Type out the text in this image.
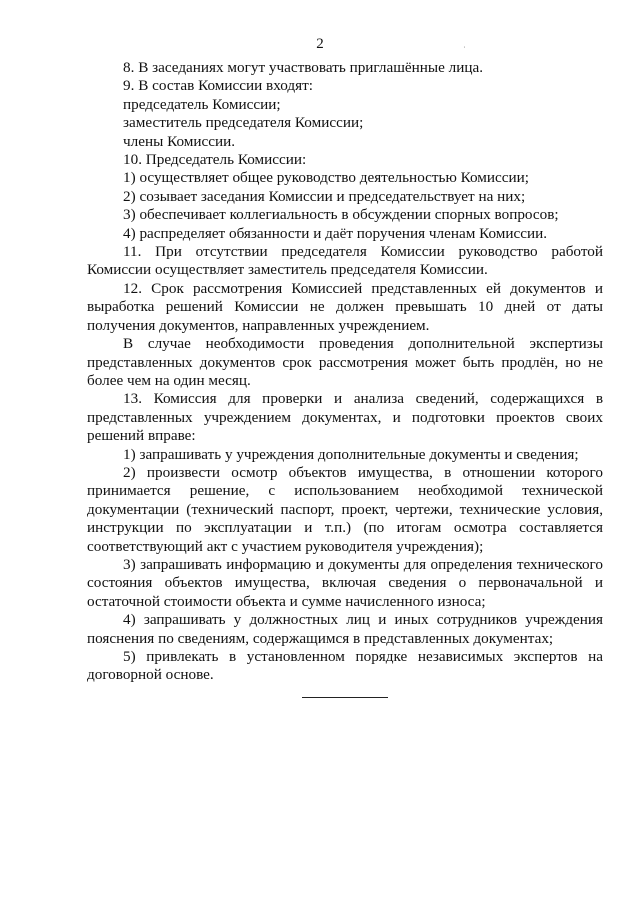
2	˙

8. В заседаниях могут участвовать приглашённые лица.

9. В состав Комиссии входят:

председатель Комиссии;

заместитель председателя Комиссии;

члены Комиссии.

10. Председатель Комиссии:

1) осуществляет общее руководство деятельностью Комиссии;

2) созывает заседания Комиссии и председательствует на них;

3) обеспечивает коллегиальность в обсуждении спорных вопросов;

4) распределяет обязанности и даёт поручения членам Комиссии.

11. При отсутствии председателя Комиссии руководство работой Комиссии осуществляет заместитель председателя Комиссии.

12. Срок рассмотрения Комиссией представленных ей документов и выработка решений Комиссии не должен превышать 10 дней от даты получения документов, направленных учреждением.

В случае необходимости проведения дополнительной экспертизы представленных документов срок рассмотрения может быть продлён, но не более чем на один месяц.

13. Комиссия для проверки и анализа сведений, содержащихся в представленных учреждением документах, и подготовки проектов своих решений вправе:

1) запрашивать у учреждения дополнительные документы и сведения;

2) произвести осмотр объектов имущества, в отношении которого принимается решение, с использованием необходимой технической документации (технический паспорт, проект, чертежи, технические условия, инструкции по эксплуатации и т.п.) (по итогам осмотра составляется соответствующий акт с участием руководителя учреждения);

3) запрашивать информацию и документы для определения технического состояния объектов имущества, включая сведения о первоначальной и остаточной стоимости объекта и сумме начисленного износа;

4) запрашивать у должностных лиц и иных сотрудников учреждения пояснения по сведениям, содержащимся в представленных документах;

5) привлекать в установленном порядке независимых экспертов на договорной основе.
